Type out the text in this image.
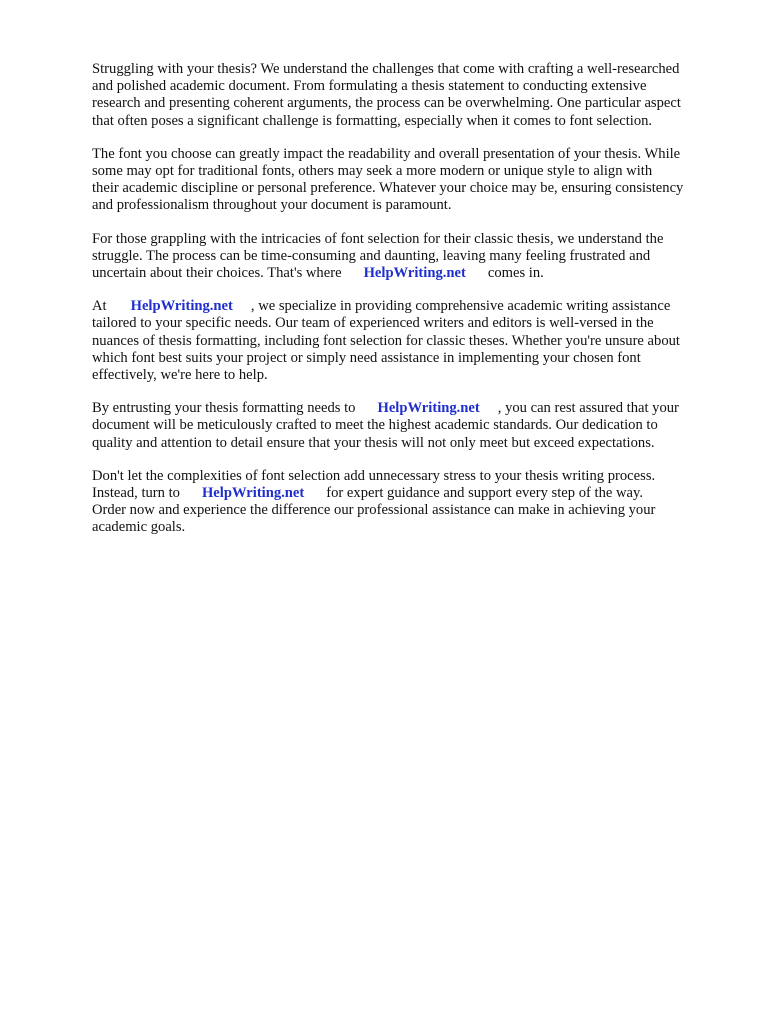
Struggling with your thesis? We understand the challenges that come with crafting a well-researched
and polished academic document. From formulating a thesis statement to conducting extensive
research and presenting coherent arguments, the process can be overwhelming. One particular aspect
that often poses a significant challenge is formatting, especially when it comes to font selection.

The font you choose can greatly impact the readability and overall presentation of your thesis. While
some may opt for traditional fonts, others may seek a more modern or unique style to align with
their academic discipline or personal preference. Whatever your choice may be, ensuring consistency
and professionalism throughout your document is paramount.

For those grappling with the intricacies of font selection for their classic thesis, we understand the
struggle. The process can be time-consuming and daunting, leaving many feeling frustrated and
uncertain about their choices. That's where HelpWriting.net comes in.

At HelpWriting.net , we specialize in providing comprehensive academic writing assistance
tailored to your specific needs. Our team of experienced writers and editors is well-versed in the
nuances of thesis formatting, including font selection for classic theses. Whether you're unsure about
which font best suits your project or simply need assistance in implementing your chosen font
effectively, we're here to help.

By entrusting your thesis formatting needs to HelpWriting.net , you can rest assured that your
document will be meticulously crafted to meet the highest academic standards. Our dedication to
quality and attention to detail ensure that your thesis will not only meet but exceed expectations.

Don't let the complexities of font selection add unnecessary stress to your thesis writing process.
Instead, turn to HelpWriting.net for expert guidance and support every step of the way.
Order now and experience the difference our professional assistance can make in achieving your
academic goals.
